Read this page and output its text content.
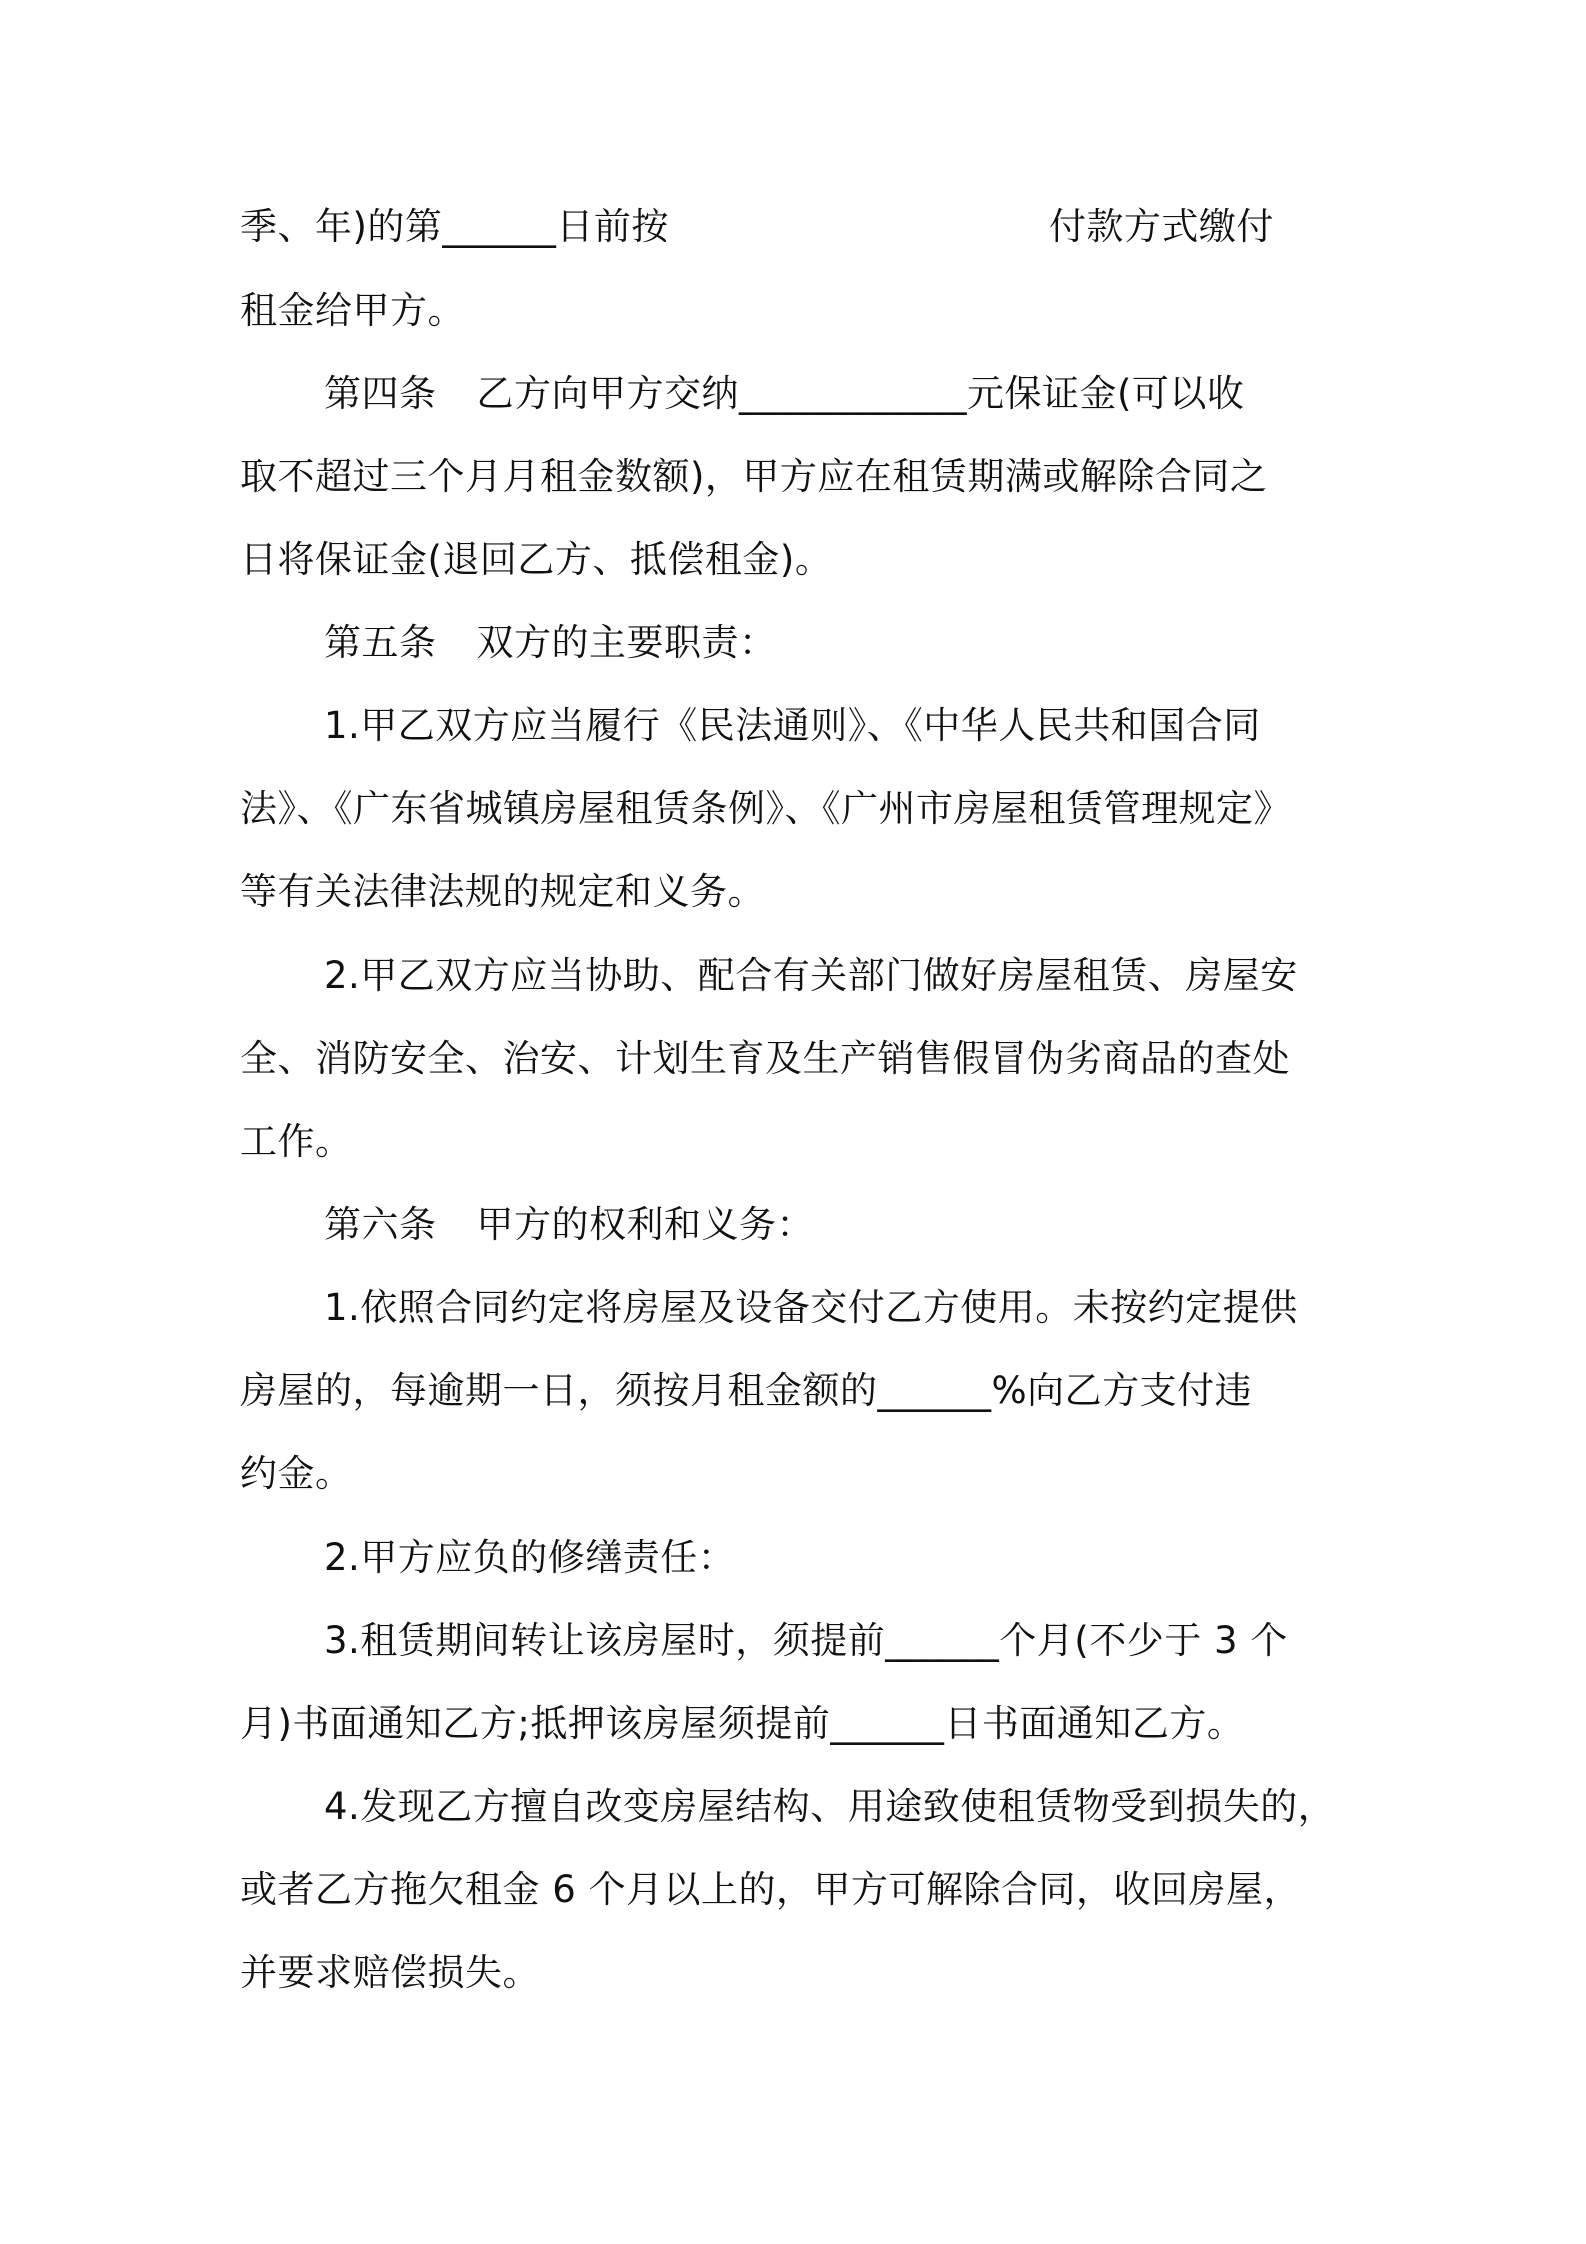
季、年)的第______日前按	付款方式缴付
租金给甲方。
第四条 乙方向甲方交纳____________元保证金(可以收
取不超过三个月月租金数额)，甲方应在租赁期满或解除合同之
日将保证金(退回乙方、抵偿租金)。
第五条 双方的主要职责：
1.甲乙双方应当履行《民法通则》、《中华人民共和国合同
法》、《广东省城镇房屋租赁条例》、《广州市房屋租赁管理规定》
等有关法律法规的规定和义务。
2.甲乙双方应当协助、配合有关部门做好房屋租赁、房屋安
全、消防安全、治安、计划生育及生产销售假冒伪劣商品的查处
工作。
第六条 甲方的权利和义务：
1.依照合同约定将房屋及设备交付乙方使用。未按约定提供
房屋的，每逾期一日，须按月租金额的______%向乙方支付违
约金。
2.甲方应负的修缮责任：
3.租赁期间转让该房屋时，须提前______个月(不少于 3 个
月)书面通知乙方;抵押该房屋须提前______日书面通知乙方。
4.发现乙方擅自改变房屋结构、用途致使租赁物受到损失的，
或者乙方拖欠租金 6 个月以上的，甲方可解除合同，收回房屋，
并要求赔偿损失。
